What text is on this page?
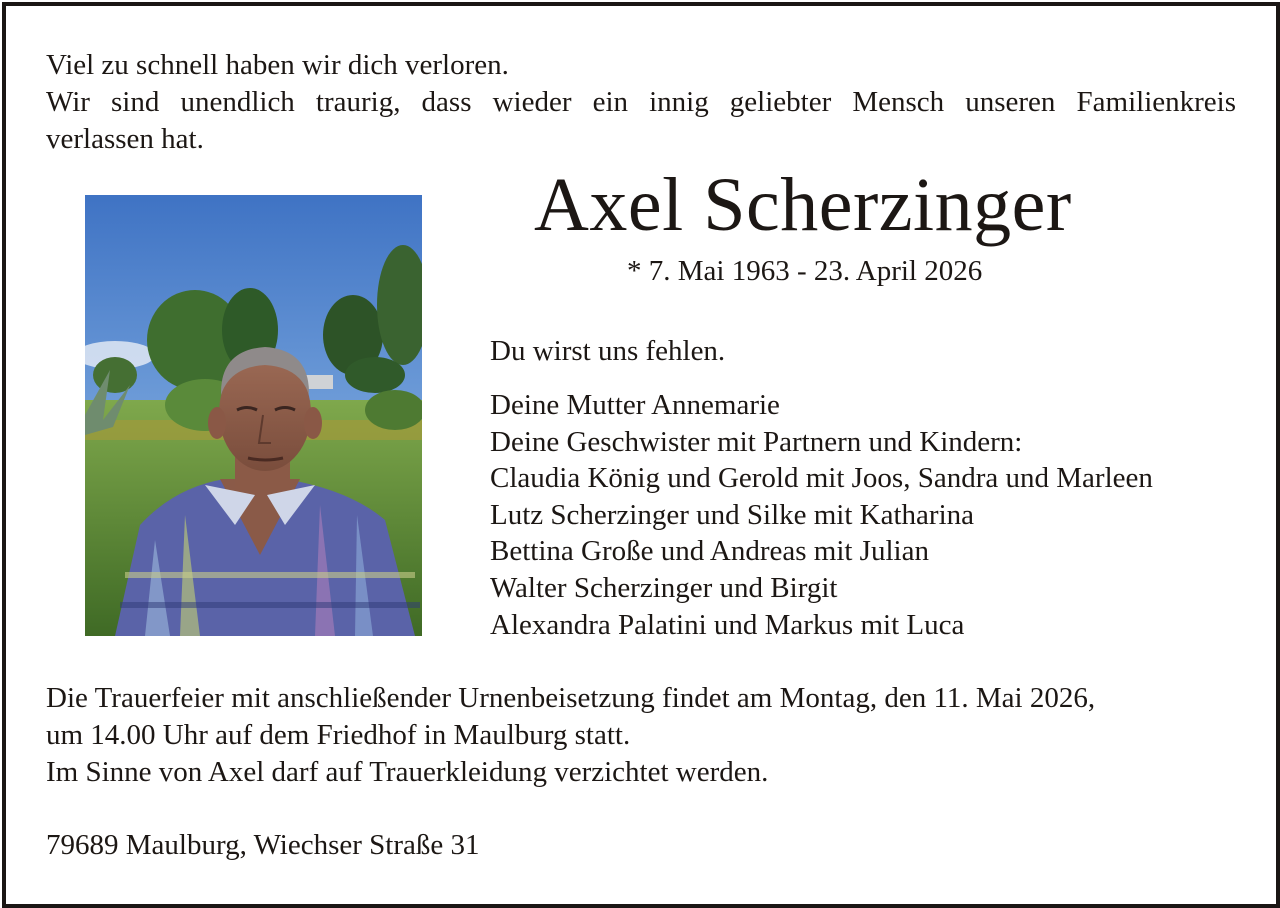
Viel zu schnell haben wir dich verloren.
Wir sind unendlich traurig, dass wieder ein innig geliebter Mensch unseren Familienkreis
verlassen hat.
Axel Scherzinger
* 7. Mai 1963 - 23. April 2026
Du wirst uns fehlen.
Deine Mutter Annemarie
Deine Geschwister mit Partnern und Kindern:
Claudia König und Gerold mit Joos, Sandra und Marleen
Lutz Scherzinger und Silke mit Katharina
Bettina Große und Andreas mit Julian
Walter Scherzinger und Birgit
Alexandra Palatini und Markus mit Luca
Die Trauerfeier mit anschließender Urnenbeisetzung findet am Montag, den 11. Mai 2026,
um 14.00 Uhr auf dem Friedhof in Maulburg statt.
Im Sinne von Axel darf auf Trauerkleidung verzichtet werden.
79689 Maulburg, Wiechser Straße 31
